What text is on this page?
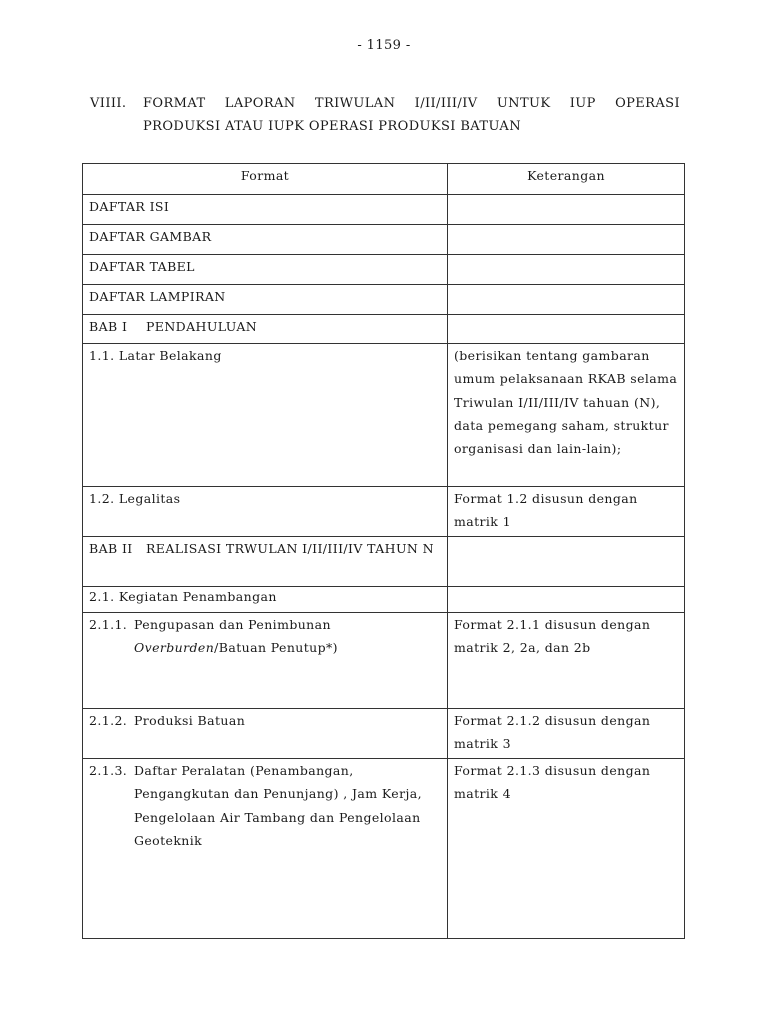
- 1159 -
VIIII. FORMAT LAPORAN TRIWULAN I/II/III/IV UNTUK IUP OPERASI
PRODUKSI ATAU IUPK OPERASI PRODUKSI BATUAN
Format	Keterangan
DAFTAR ISI	
DAFTAR GAMBAR	
DAFTAR TABEL	
DAFTAR LAMPIRAN	

BAB I PENDAHULUAN	

1.1. Latar Belakang	(berisikan tentang gambaran umum pelaksanaan RKAB selama Triwulan I/II/III/IV tahuan (N), data pemegang saham, struktur organisasi dan lain-lain);
1.2. Legalitas	Format 1.2 disusun dengan matrik 1

BAB II REALISASI TRWULAN I/II/III/IV TAHUN N	

2.1. Kegiatan Penambangan	

2.1.1. Pengupasan dan Penimbunan Overburden/Batuan Penutup*)	Format 2.1.1 disusun dengan matrik 2, 2a, dan 2b

2.1.2. Produksi Batuan	Format 2.1.2 disusun dengan matrik 3

2.1.3. Daftar Peralatan (Penambangan, Pengangkutan dan Penunjang) , Jam Kerja, Pengelolaan Air Tambang dan Pengelolaan Geoteknik	Format 2.1.3 disusun dengan matrik 4
